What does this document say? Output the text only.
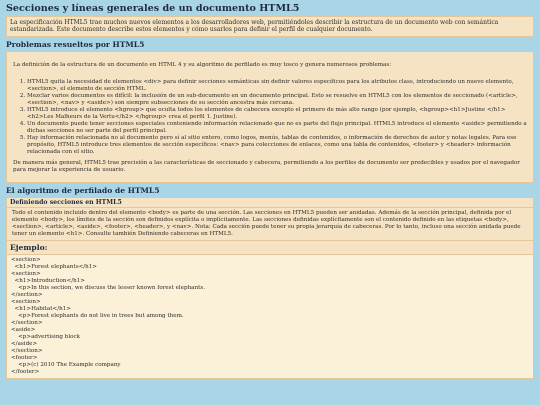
Secciones y líneas generales de un documento HTML5
La especificación HTML5 trae muchos nuevos elementos a los desarrolladores web, permitiéndoles describir la estructura de un documento web con semántica estandarizada. Este documento describe estos elementos y cómo usarlos para definir el perfil de cualquier documento.
Problemas resueltos por HTML5

La definición de la estructura de un documento en HTML 4 y su algoritmo de perfilado es muy tosco y genera numerosos problemas:

1. HTML5 quita la necesidad de elementos <div> para definir secciones semánticas sin definir valores específicos para los atributos class, introduciendo un nuevo elemento, <section>, el elemento de sección HTML.
2. Mezclar varios documentos es difícil: la inclusión de un sub-documento en un documento principal. Esto se resuelve en HTML5 con los elementos de seccionado (<article>, <section>, <nav> y <aside>) son siempre subsecciones de su sección ancestra más cercana.
3. HTML5 introduce el elemento <hgroup> que oculta todos los elementos de cabecera excepto el primero de más alto rango (por ejemplo, <hgroup><h1>Justine </h1><h2>Les Malheurs de la Vertu</h2> </hgroup> crea el perfil 1. Justine).
4. Un documento puede tener secciones especiales conteniendo información relacionado que no es parte del flujo principal. HTML5 introduce el elemento <aside> permitiendo a dichas secciones no ser parte del perfil principal.
5. Hay información relacionada no al documento pero sí al sitio entero, como logos, menús, tablas de contenidos, o información de derechos de autor y notas legales. Para ese propósito, HTML5 introduce tres elementos de sección específicos: <nav> para colecciones de enlaces, como una tabla de contenidos, <footer> y <header> información relacionada con el sitio.

De manera más general, HTML5 trae precisión a las características de seccionado y cabecera, permitiendo a los perfiles de documento ser predecibles y usados por el navegador para mejorar la experiencia de usuario.

El algoritmo de perfilado de HTML5
Definiendo secciones en HTML5
Todo el contenido incluido dentro del elemento <body> es parte de una sección. Las secciones en HTML5 pueden ser anidadas. Además de la sección principal, definida por el elemento <body>, los límites de la sección son definidos explícita o implícitamente. Las secciones definidas explícitamente son el contenido definido en las etiquetas <body>, <section>, <article>, <aside>, <footer>, <header>, y <nav>. Nota: Cada sección puede tener su propia jerarquía de cabeceras. Por lo tanto, incluso una sección anidada puede tener un elemento <h1>. Consulte también Definiendo cabeceras en HTML5.
Ejemplo:
<section>
<h1>Forest elephants</h1>
<section>
<h1>Introduction</h1>
<p>In this section, we discuss the lesser known forest elephants.
</section>
<section>
<h1>Habitat</h1>
<p>Forest elephants do not live in trees but among them.
</section>
<aside>
<p>advertising block
</aside>
</section>
<footer>
<p>(c) 2010 The Example company
</footer>
